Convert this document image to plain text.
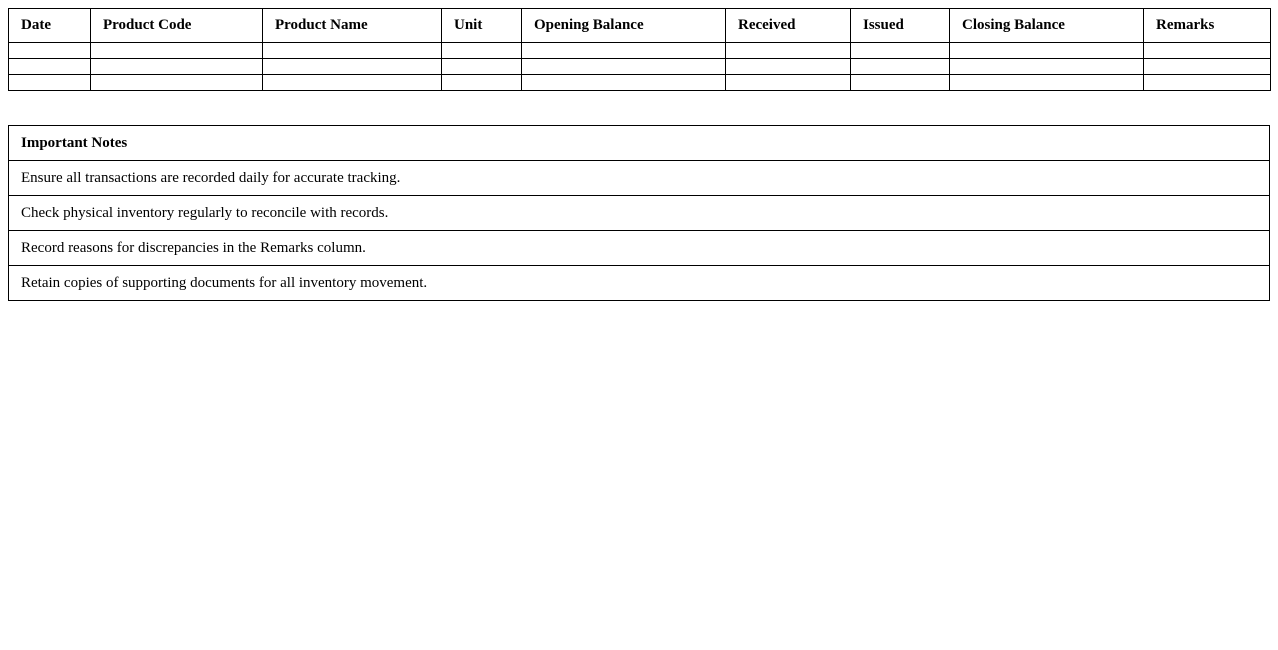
Date	Product Code	Product Name	Unit	Opening Balance	Received	Issued	Closing Balance	Remarks

Important Notes
Ensure all transactions are recorded daily for accurate tracking.
Check physical inventory regularly to reconcile with records.
Record reasons for discrepancies in the Remarks column.
Retain copies of supporting documents for all inventory movement.
